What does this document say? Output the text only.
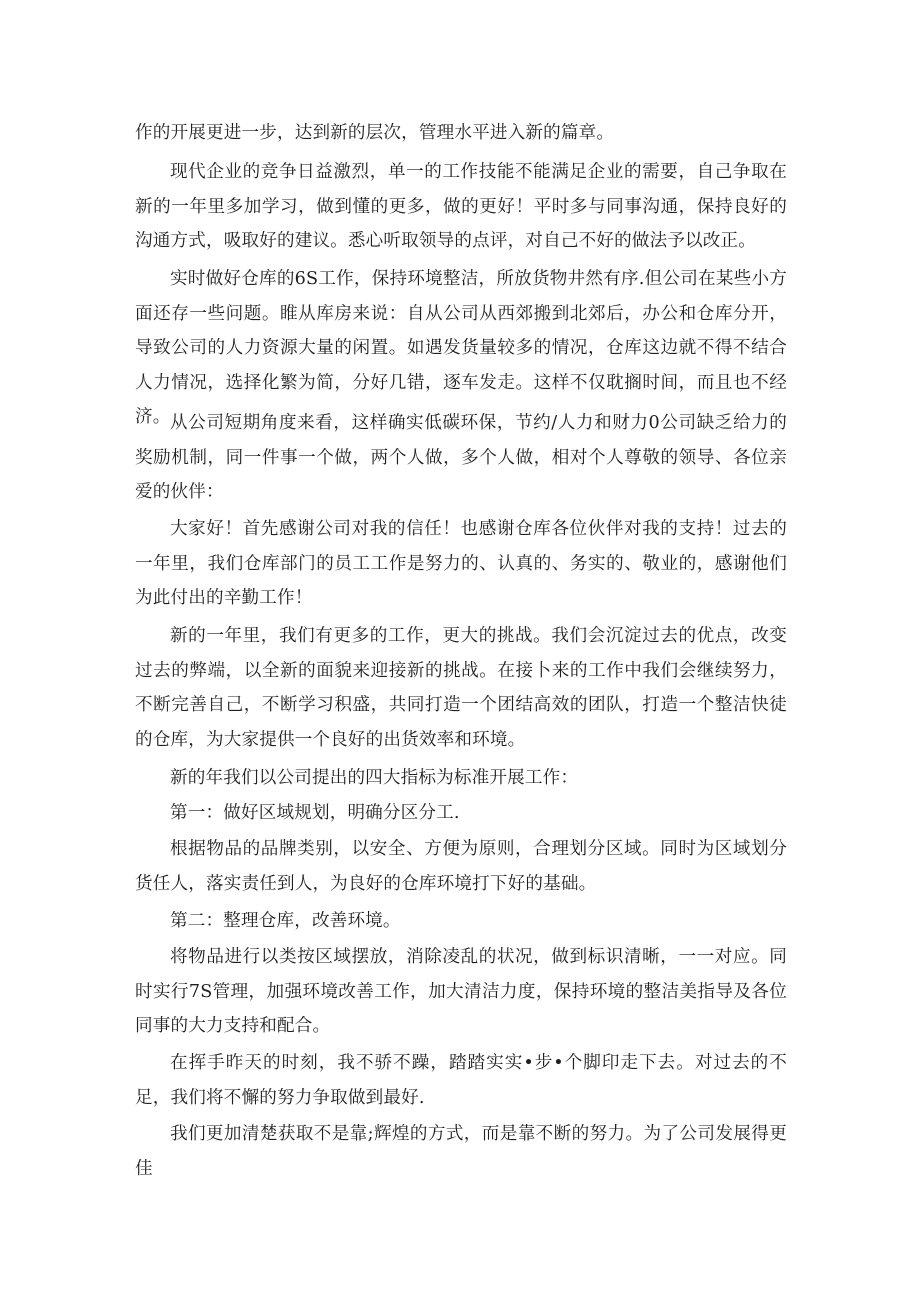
作的开展更进一步，达到新的层次，管理水平进入新的篇章。

现代企业的竞争日益激烈，单一的工作技能不能满足企业的需要，自己争取在新的一年里多加学习，做到懂的更多，做的更好！平时多与同事沟通，保持良好的沟通方式，吸取好的建议。悉心听取领导的点评，对自己不好的做法予以改正。

实时做好仓库的6S工作，保持环境整洁，所放货物井然有序.但公司在某些小方面还存一些问题。睢从库房来说：自从公司从西郊搬到北郊后，办公和仓库分开，导致公司的人力资源大量的闲置。如遇发货量较多的情况，仓库这边就不得不结合人力情况，选择化繁为简，分好几错，逐车发走。这样不仅耽搁时间，而且也不经济。 从公司短期角度来看，这样确实低碳环保，节约/人力和财力0公司缺乏给力的奖励机制，同一件事一个做，两个人做，多个人做，相对个人尊敬的领导、各位亲爱的伙伴：

大家好！首先感谢公司对我的信任！也感谢仓库各位伙伴对我的支持！过去的一年里，我们仓库部门的员工工作是努力的、认真的、务实的、敬业的，感谢他们为此付出的辛勤工作！

新的一年里，我们有更多的工作，更大的挑战。我们会沉淀过去的优点，改变过去的弊端，以全新的面貌来迎接新的挑战。在接卜来的工作中我们会继续努力，不断完善自己，不断学习积盛，共同打造一个团结高效的团队，打造一个整洁快徒的仓库，为大家提供一个良好的出货效率和环境。

新的年我们以公司提出的四大指标为标准开展工作：

第一：做好区域规划，明确分区分工.

根据物品的品牌类别，以安全、方便为原则，合理划分区域。同时为区域划分货任人，落实责任到人，为良好的仓库环境打下好的基础。

第二：整理仓库，改善环境。

将物品进行以类按区域摆放，消除凌乱的状况，做到标识清晰，一一对应。同时实行7S管理，加强环境改善工作，加大清洁力度，保持环境的整洁美指导及各位同事的大力支持和配合。

在挥手昨天的时刻，我不骄不躁，踏踏实实•步•个脚印走下去。对过去的不足，我们将不懈的努力争取做到最好.

我们更加清楚获取不是靠;辉煌的方式，而是靠不断的努力。为了公司发展得更佳
